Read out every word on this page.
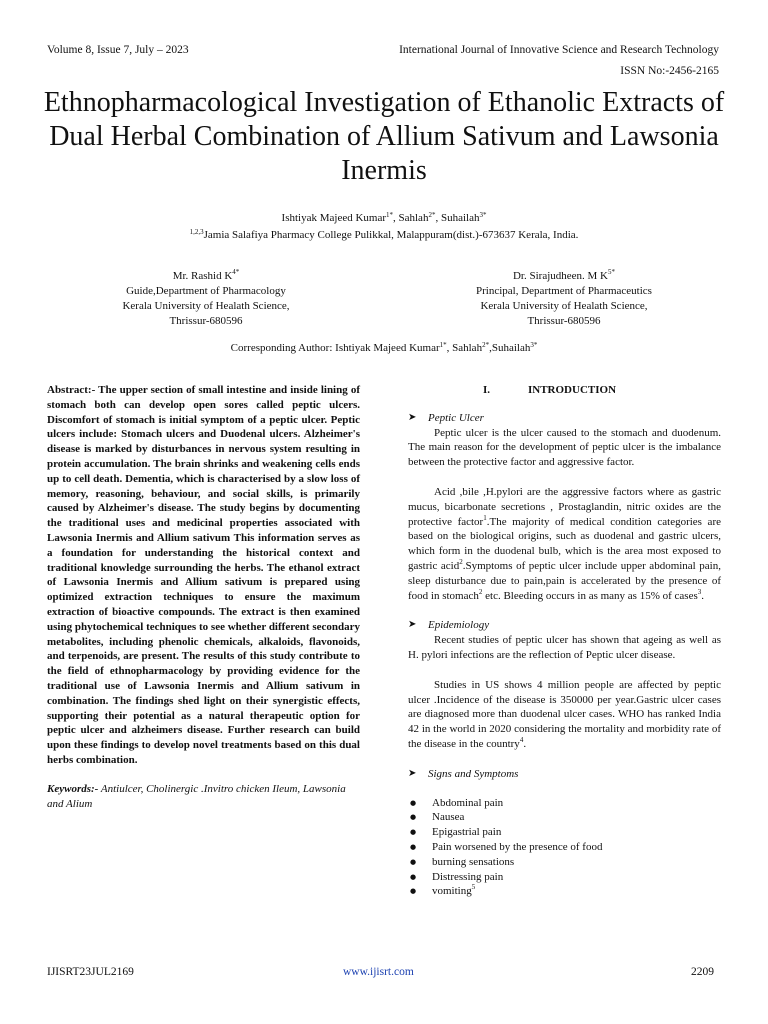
Volume 8, Issue 7, July – 2023	International Journal of Innovative Science and Research Technology
ISSN No:-2456-2165
Ethnopharmacological Investigation of Ethanolic Extracts of Dual Herbal Combination of Allium Sativum and Lawsonia Inermis
Ishtiyak Majeed Kumar$^{1*}$, Sahlah$^{2*}$, Suhailah$^{3*}$
$^{1,2,3}$Jamia Salafiya Pharmacy College Pulikkal, Malappuram(dist.)-673637 Kerala, India.
Mr. Rashid $K^{4*}$
Guide,Department of Pharmacology
Kerala University of Healath Science,
Thrissur-680596
Dr. Sirajudheen. M $K^{5*}$
Principal, Department of Pharmaceutics
Kerala University of Healath Science,
Thrissur-680596
Corresponding Author: Ishtiyak Majeed Kumar$^{1*}$, Sahlah$^{2*}$,Suhailah$^{3*}$
Abstract:- The upper section of small intestine and inside lining of stomach both can develop open sores called peptic ulcers. Discomfort of stomach is initial symptom of a peptic ulcer. Peptic ulcers include: Stomach ulcers and Duodenal ulcers. Alzheimer's disease is marked by disturbances in nervous system resulting in protein accumulation. The brain shrinks and weakening cells ends up to cell death. Dementia, which is characterised by a slow loss of memory, reasoning, behaviour, and social skills, is primarily caused by Alzheimer's disease. The study begins by documenting the traditional uses and medicinal properties associated with Lawsonia Inermis and Allium sativum This information serves as a foundation for understanding the historical context and traditional knowledge surrounding the herbs. The ethanol extract of Lawsonia Inermis and Allium sativum is prepared using optimized extraction techniques to ensure the maximum extraction of bioactive compounds. The extract is then examined using phytochemical techniques to see whether different secondary metabolites, including phenolic chemicals, alkaloids, flavonoids, and terpenoids, are present. The results of this study contribute to the field of ethnopharmacology by providing evidence for the traditional use of Lawsonia Inermis and Allium sativum in combination. The findings shed light on their synergistic effects, supporting their potential as a natural therapeutic option for peptic ulcer and alzheimers disease. Further research can build upon these findings to develop novel treatments based on this dual herbs combination.
Keywords:- Antiulcer, Cholinergic .Invitro chicken Ileum, Lawsonia and Alium
I.	INTRODUCTION
➤	Peptic Ulcer
Peptic ulcer is the ulcer caused to the stomach and duodenum. The main reason for the development of peptic ulcer is the imbalance between the protective factor and aggressive factor.
Acid ,bile ,H.pylori are the aggressive factors where as gastric mucus, bicarbonate secretions , Prostaglandin, nitric oxides are the protective factor$^1$.The majority of medical condition categories are based on the biological origins, such as duodenal and gastric ulcers, which form in the duodenal bulb, which is the area most exposed to gastric acid$^2$.Symptoms of peptic ulcer include upper abdominal pain, sleep disturbance due to pain,pain is accelerated by the presence of food in stomach$^2$ etc. Bleeding occurs in as many as 15% of cases$^3$.
➤	Epidemiology
Recent studies of peptic ulcer has shown that ageing as well as H. pylori infections are the reflection of Peptic ulcer disease.
Studies in US shows 4 million people are affected by peptic ulcer .Incidence of the disease is 350000 per year.Gastric ulcer cases are diagnosed more than duodenal ulcer cases. WHO has ranked India 42 in the world in 2020 considering the mortality and morbidity rate of the disease in the country$^4$.
➤	Signs and Symptoms
● Abdominal pain
● Nausea
● Epigastrial pain
● Pain worsened by the presence of food
● burning sensations
● Distressing pain
● vomiting$^5$
IJISRT23JUL2169	www.ijisrt.com	2209
